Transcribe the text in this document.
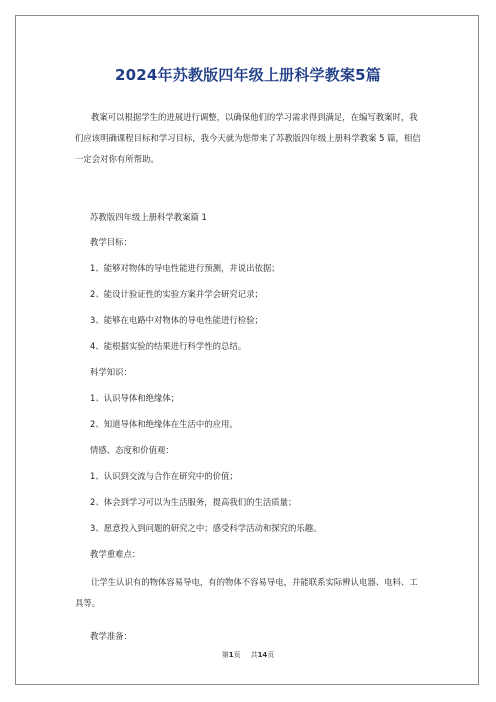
2024年苏教版四年级上册科学教案5篇

教案可以根据学生的进展进行调整，以确保他们的学习需求得到满足，在编写教案时，我们应该明确课程目标和学习目标，我今天就为您带来了苏教版四年级上册科学教案 5 篇，相信一定会对你有所帮助。

苏教版四年级上册科学教案篇 1
教学目标：
1、能够对物体的导电性能进行预测，并说出依据；
2、能设计验证性的实验方案并学会研究记录；
3、能够在电路中对物体的导电性能进行检验；
4、能根据实验的结果进行科学性的总结。
科学知识：
1、认识导体和绝缘体；
2、知道导体和绝缘体在生活中的应用。
情感、态度和价值观：
1、认识到交流与合作在研究中的价值；
2、体会到学习可以为生活服务，提高我们的生活质量；
3、愿意投入到问题的研究之中；感受科学活动和探究的乐趣。
教学重难点：

让学生认识有的物体容易导电，有的物体不容易导电，并能联系实际辨认电器、电料、工具等。

教学准备：
第1页 共14页
